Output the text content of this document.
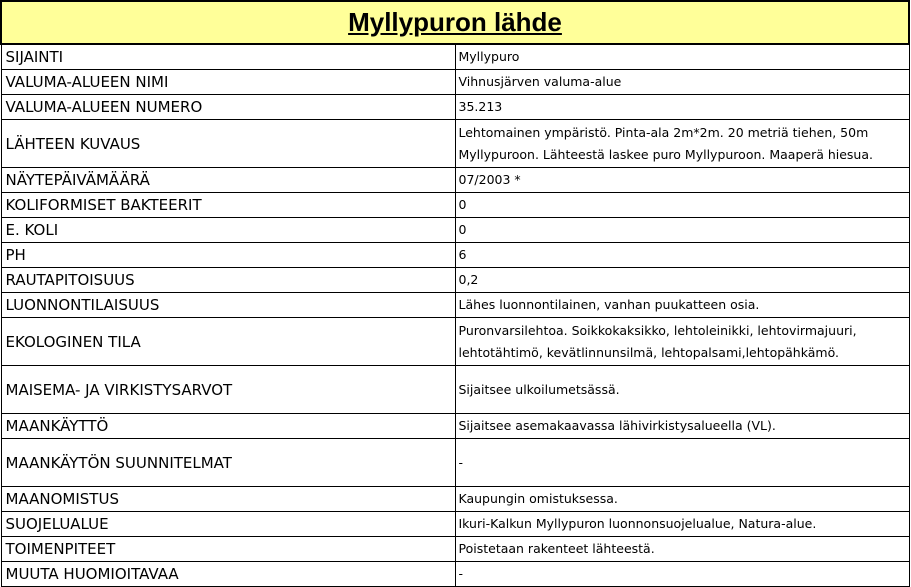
Myllypuron lähde	
SIJAINTI	Myllypuro
VALUMA-ALUEEN NIMI	Vihnusjärven valuma-alue
VALUMA-ALUEEN NUMERO	35.213
LÄHTEEN KUVAUS	Lehtomainen ympäristö. Pinta-ala 2m*2m. 20 metriä tiehen, 50m Myllypuroon. Lähteestä laskee puro Myllypuroon. Maaperä hiesua.
NÄYTEPÄIVÄMÄÄRÄ	07/2003 *
KOLIFORMISET BAKTEERIT	0
E. KOLI	0
PH	6
RAUTAPITOISUUS	0,2
LUONNONTILAISUUS	Lähes luonnontilainen, vanhan puukatteen osia.
EKOLOGINEN TILA	Puronvarsilehtoa. Soikkokaksikko, lehtoleinikki, lehtovirmajuuri, lehtotähtimö, kevätlinnunsilmä, lehtopalsami,lehtopähkämö.
MAISEMA- JA VIRKISTYSARVOT	Sijaitsee ulkoilumetsässä.
MAANKÄYTTÖ	Sijaitsee asemakaavassa lähivirkistysalueella (VL).
MAANKÄYTÖN SUUNNITELMAT	-
MAANOMISTUS	Kaupungin omistuksessa.
SUOJELUALUE	Ikuri-Kalkun Myllypuron luonnonsuojelualue, Natura-alue.
TOIMENPITEET	Poistetaan rakenteet lähteestä.
MUUTA HUOMIOITAVAA	-
